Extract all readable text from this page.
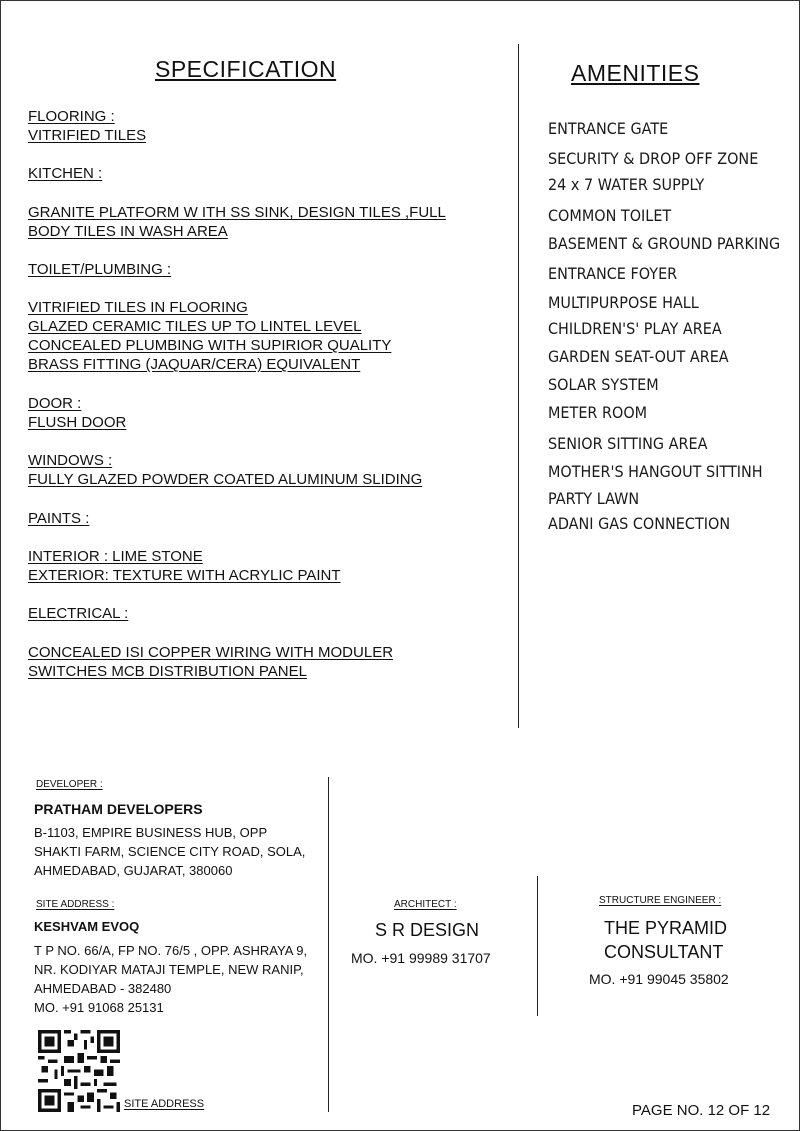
SPECIFICATION
FLOORING :
VITRIFIED TILES
KITCHEN :
GRANITE PLATFORM W ITH SS SINK, DESIGN TILES ,FULL
BODY TILES IN WASH AREA
TOILET/PLUMBING :
VITRIFIED TILES IN FLOORING
GLAZED CERAMIC TILES UP TO LINTEL LEVEL
CONCEALED PLUMBING WITH SUPIRIOR QUALITY
BRASS FITTING (JAQUAR/CERA) EQUIVALENT
DOOR :
FLUSH DOOR
WINDOWS :
FULLY GLAZED POWDER COATED ALUMINUM SLIDING
PAINTS :
INTERIOR : LIME STONE
EXTERIOR: TEXTURE WITH ACRYLIC PAINT
ELECTRICAL :
CONCEALED ISI COPPER WIRING WITH MODULER
SWITCHES MCB DISTRIBUTION PANEL
AMENITIES
ENTRANCE GATE
SECURITY & DROP OFF ZONE
24 x 7 WATER SUPPLY
COMMON TOILET
BASEMENT & GROUND PARKING
ENTRANCE FOYER
MULTIPURPOSE HALL
CHILDREN'S' PLAY AREA
GARDEN SEAT-OUT AREA
SOLAR SYSTEM
METER ROOM
SENIOR SITTING AREA
MOTHER'S HANGOUT SITTINH
PARTY LAWN
ADANI GAS CONNECTION
DEVELOPER :
PRATHAM DEVELOPERS
B-1103, EMPIRE BUSINESS HUB, OPP
SHAKTI FARM, SCIENCE CITY ROAD, SOLA,
AHMEDABAD, GUJARAT, 380060
SITE ADDRESS :
KESHVAM EVOQ
T P NO. 66/A, FP NO. 76/5 , OPP. ASHRAYA 9,
NR. KODIYAR MATAJI TEMPLE, NEW RANIP,
AHMEDABAD - 382480
MO. +91 91068 25131
SITE ADDRESS
ARCHITECT :
S R DESIGN
MO. +91 99989 31707
STRUCTURE ENGINEER :
THE PYRAMID
CONSULTANT
MO. +91 99045 35802
PAGE NO. 12 OF 12
